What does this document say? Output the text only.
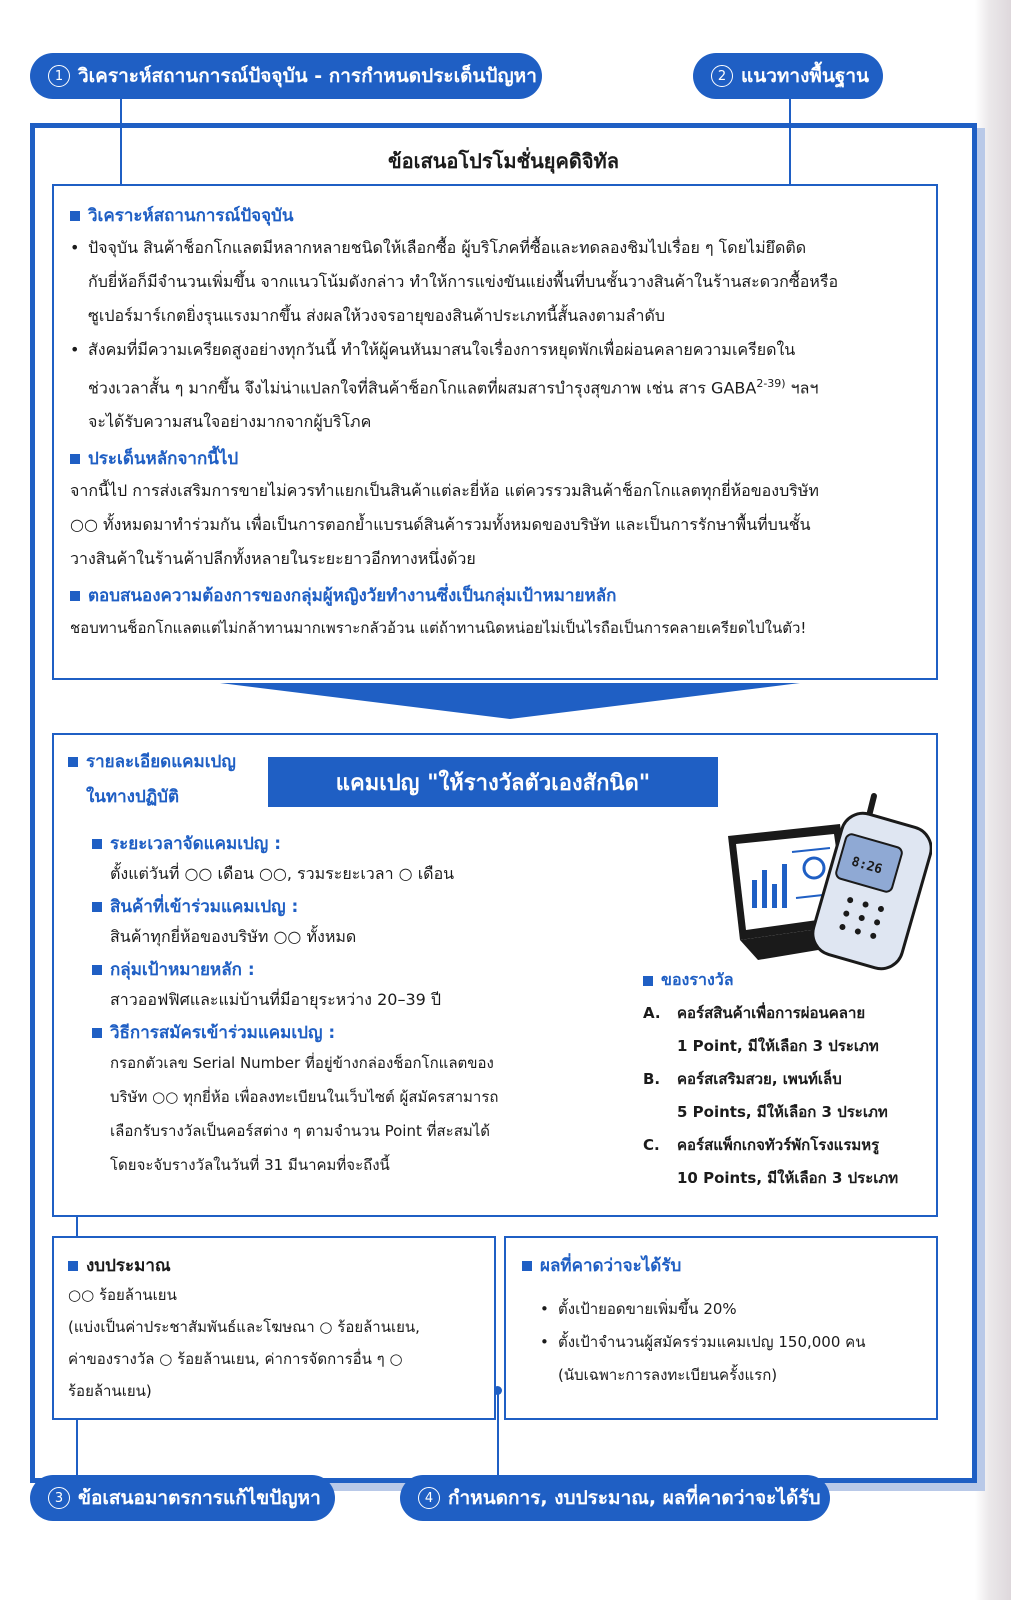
1 วิเคราะห์สถานการณ์ปัจจุบัน - การกำหนดประเด็นปัญหา	2 แนวทางพื้นฐาน
3 ข้อเสนอมาตรการแก้ไขปัญหา	4 กำหนดการ, งบประมาณ, ผลที่คาดว่าจะได้รับ
ข้อเสนอโปรโมชั่นยุคดิจิทัล
วิเคราะห์สถานการณ์ปัจจุบัน
• ปัจจุบัน สินค้าช็อกโกแลตมีหลากหลายชนิดให้เลือกซื้อ ผู้บริโภคที่ซื้อและทดลองชิมไปเรื่อย ๆ โดยไม่ยึดติด
กับยี่ห้อก็มีจำนวนเพิ่มขึ้น จากแนวโน้มดังกล่าว ทำให้การแข่งขันแย่งพื้นที่บนชั้นวางสินค้าในร้านสะดวกซื้อหรือ
ซูเปอร์มาร์เกตยิ่งรุนแรงมากขึ้น ส่งผลให้วงจรอายุของสินค้าประเภทนี้สั้นลงตามลำดับ
• สังคมที่มีความเครียดสูงอย่างทุกวันนี้ ทำให้ผู้คนหันมาสนใจเรื่องการหยุดพักเพื่อผ่อนคลายความเครียดใน
ช่วงเวลาสั้น ๆ มากขึ้น จึงไม่น่าแปลกใจที่สินค้าช็อกโกแลตที่ผสมสารบำรุงสุขภาพ เช่น สาร GABA$^{2-39)}$ ฯลฯ
จะได้รับความสนใจอย่างมากจากผู้บริโภค
ประเด็นหลักจากนี้ไป
จากนี้ไป การส่งเสริมการขายไม่ควรทำแยกเป็นสินค้าแต่ละยี่ห้อ แต่ควรรวมสินค้าช็อกโกแลตทุกยี่ห้อของบริษัท
○○ ทั้งหมดมาทำร่วมกัน เพื่อเป็นการตอกย้ำแบรนด์สินค้ารวมทั้งหมดของบริษัท และเป็นการรักษาพื้นที่บนชั้น
วางสินค้าในร้านค้าปลีกทั้งหลายในระยะยาวอีกทางหนึ่งด้วย
ตอบสนองความต้องการของกลุ่มผู้หญิงวัยทำงานซึ่งเป็นกลุ่มเป้าหมายหลัก
ชอบทานช็อกโกแลตแต่ไม่กล้าทานมากเพราะกลัวอ้วน แต่ถ้าทานนิดหน่อยไม่เป็นไรถือเป็นการคลายเครียดไปในตัว!
รายละเอียดแคมเปญ
ในทางปฏิบัติ
แคมเปญ "ให้รางวัลตัวเองสักนิด"
ระยะเวลาจัดแคมเปญ :
ตั้งแต่วันที่ ○○ เดือน ○○, รวมระยะเวลา ○ เดือน
สินค้าที่เข้าร่วมแคมเปญ :
สินค้าทุกยี่ห้อของบริษัท ○○ ทั้งหมด
กลุ่มเป้าหมายหลัก :
สาวออฟฟิศและแม่บ้านที่มีอายุระหว่าง 20–39 ปี
วิธีการสมัครเข้าร่วมแคมเปญ :
กรอกตัวเลข Serial Number ที่อยู่ข้างกล่องช็อกโกแลตของ
บริษัท ○○ ทุกยี่ห้อ เพื่อลงทะเบียนในเว็บไซต์ ผู้สมัครสามารถ
เลือกรับรางวัลเป็นคอร์สต่าง ๆ ตามจำนวน Point ที่สะสมได้
โดยจะจับรางวัลในวันที่ 31 มีนาคมที่จะถึงนี้
8:26
ของรางวัล
A.	คอร์สสินค้าเพื่อการผ่อนคลาย
1 Point, มีให้เลือก 3 ประเภท
B.	คอร์สเสริมสวย, เพนท์เล็บ
5 Points, มีให้เลือก 3 ประเภท
C.	คอร์สแพ็กเกจทัวร์พักโรงแรมหรู
10 Points, มีให้เลือก 3 ประเภท
งบประมาณ
○○ ร้อยล้านเยน
(แบ่งเป็นค่าประชาสัมพันธ์และโฆษณา ○ ร้อยล้านเยน,
ค่าของรางวัล ○ ร้อยล้านเยน, ค่าการจัดการอื่น ๆ ○
ร้อยล้านเยน)
ผลที่คาดว่าจะได้รับ
• ตั้งเป้ายอดขายเพิ่มขึ้น 20%
• ตั้งเป้าจำนวนผู้สมัครร่วมแคมเปญ 150,000 คน
(นับเฉพาะการลงทะเบียนครั้งแรก)
